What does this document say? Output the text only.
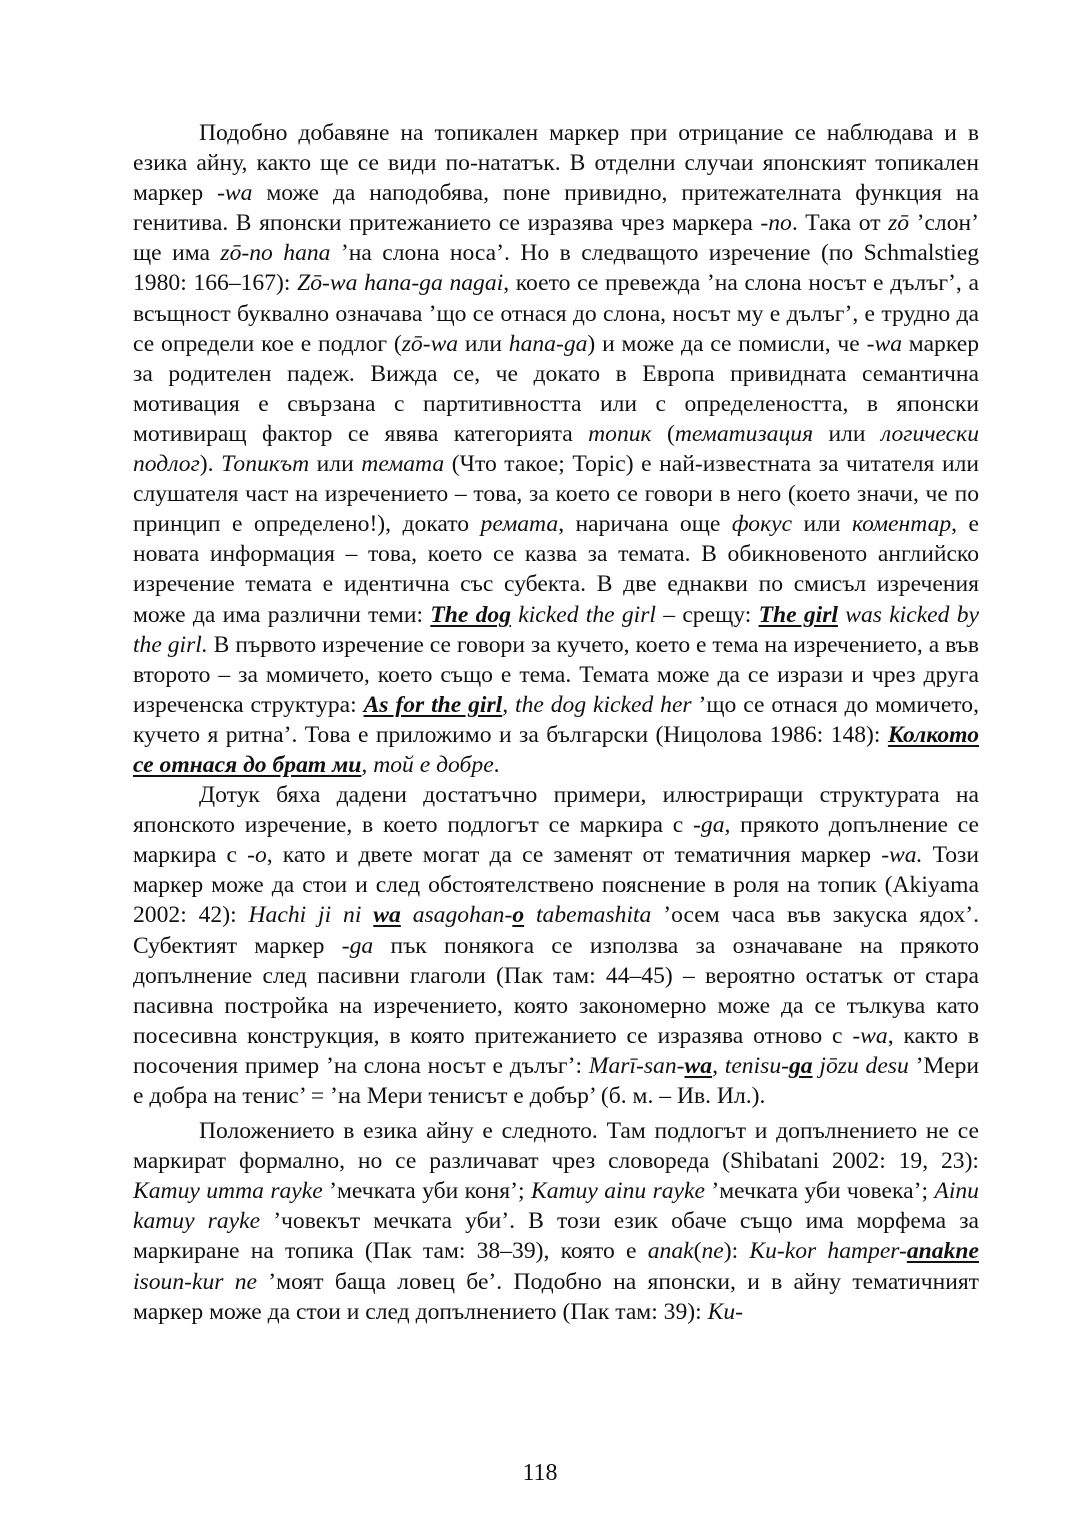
Подобно добавяне на топикален маркер при отрицание се наблюдава и в езика айну, както ще се види по-нататък. В отделни случаи японският топикален маркер -wa може да наподобява, поне привидно, притежателната функция на генитива. В японски притежанието се изразява чрез маркера -no. Така от zō ’слон’ ще има zō-no hana ’на слона носа’. Но в следващото изречение (по Schmalstieg 1980: 166–167): Zō-wa hana-ga nagai, което се превежда ’на слона носът е дълъг’, а всъщност буквално означава ’що се отнася до слона, носът му е дълъг’, е трудно да се определи кое е подлог (zō-wa или hana-ga) и може да се помисли, че -wa маркер за родителен падеж. Вижда се, че докато в Европа привидната семантична мотивация е свързана с партитивността или с определеността, в японски мотивиращ фактор се явява категорията топик (тематизация или логически подлог). Топикът или темата (Что такое; Topic) е най-известната за читателя или слушателя част на изречението – това, за което се говори в него (което значи, че по принцип е определено!), докато ремата, наричана още фокус или коментар, е новата информация – това, което се казва за темата. В обикновеното английско изречение темата е идентична със субекта. В две еднакви по смисъл изречения може да има различни теми: The dog kicked the girl – срещу: The girl was kicked by the girl. В първото изречение се говори за кучето, което е тема на изречението, а във второто – за момичето, което също е тема. Темата може да се изрази и чрез друга изреченска структура: As for the girl, the dog kicked her ’що се отнася до момичето, кучето я ритна’. Това е приложимо и за български (Ницолова 1986: 148): Колкото се отнася до брат ми, той е добре.

Дотук бяха дадени достатъчно примери, илюстриращи структурата на японското изречение, в което подлогът се маркира с -ga, прякото допълнение се маркира с -o, като и двете могат да се заменят от тематичния маркер -wa. Този маркер може да стои и след обстоятелствено пояснение в роля на топик (Akiyama 2002: 42): Hachi ji ni wa asagohan-o tabemashita ’осем часа във закуска ядох’. Субектият маркер -ga пък понякога се използва за означаване на прякото допълнение след пасивни глаголи (Пак там: 44–45) – вероятно остатък от стара пасивна постройка на изречението, която закономерно може да се тълкува като посесивна конструкция, в която притежанието се изразява отново с -wa, както в посочения пример ’на слона носът е дълъг’: Marī-san-wa, tenisu-ga jōzu desu ’Мери е добра на тенис’ = ’на Мери тенисът е добър’ (б. м. – Ив. Ил.).

Положението в езика айну е следното. Там подлогът и допълнението не се маркират формално, но се различават чрез словореда (Shibatani 2002: 19, 23): Kamuy umma rayke ’мечката уби коня’; Kamuy ainu rayke ’мечката уби човека’; Ainu kamuy rayke ’човекът мечката уби’. В този език обаче също има морфема за маркиране на топика (Пак там: 38–39), която е anak(ne): Ku-kor hamper-anakne isoun-kur ne ’моят баща ловец бе’. Подобно на японски, и в айну тематичният маркер може да стои и след допълнението (Пак там: 39): Ku-

118
